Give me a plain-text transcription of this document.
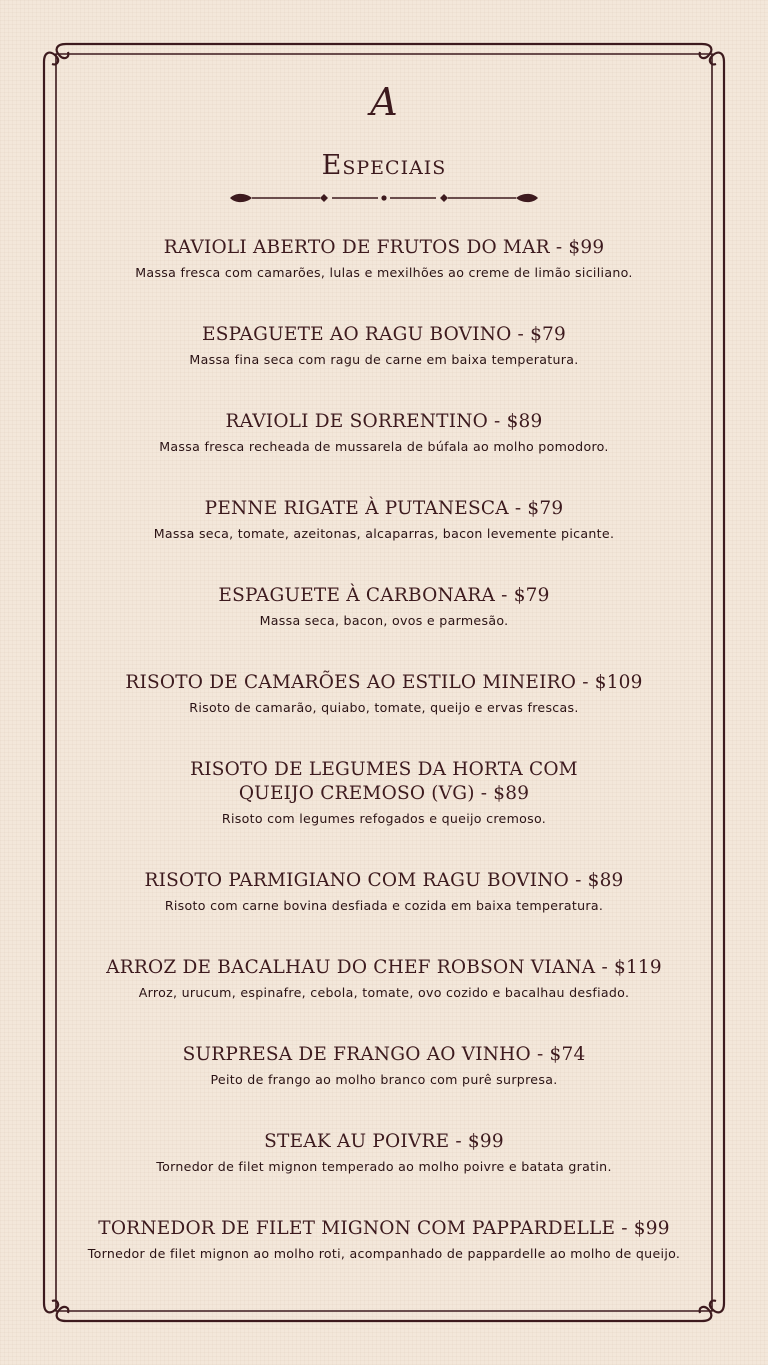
A
Especiais
RAVIOLI ABERTO DE FRUTOS DO MAR - $99
Massa fresca com camarões, lulas e mexilhões ao creme de limão siciliano.
ESPAGUETE AO RAGU BOVINO - $79
Massa fina seca com ragu de carne em baixa temperatura.
RAVIOLI DE SORRENTINO - $89
Massa fresca recheada de mussarela de búfala ao molho pomodoro.
PENNE RIGATE À PUTANESCA - $79
Massa seca, tomate, azeitonas, alcaparras, bacon levemente picante.
ESPAGUETE À CARBONARA - $79
Massa seca, bacon, ovos e parmesão.
RISOTO DE CAMARÕES AO ESTILO MINEIRO - $109
Risoto de camarão, quiabo, tomate, queijo e ervas frescas.
RISOTO DE LEGUMES DA HORTA COM QUEIJO CREMOSO (VG) - $89
Risoto com legumes refogados e queijo cremoso.
RISOTO PARMIGIANO COM RAGU BOVINO - $89
Risoto com carne bovina desfiada e cozida em baixa temperatura.
ARROZ DE BACALHAU DO CHEF ROBSON VIANA - $119
Arroz, urucum, espinafre, cebola, tomate, ovo cozido e bacalhau desfiado.
SURPRESA DE FRANGO AO VINHO - $74
Peito de frango ao molho branco com purê surpresa.
STEAK AU POIVRE - $99
Tornedor de filet mignon temperado ao molho poivre e batata gratin.
TORNEDOR DE FILET MIGNON COM PAPPARDELLE - $99
Tornedor de filet mignon ao molho roti, acompanhado de pappardelle ao molho de queijo.
